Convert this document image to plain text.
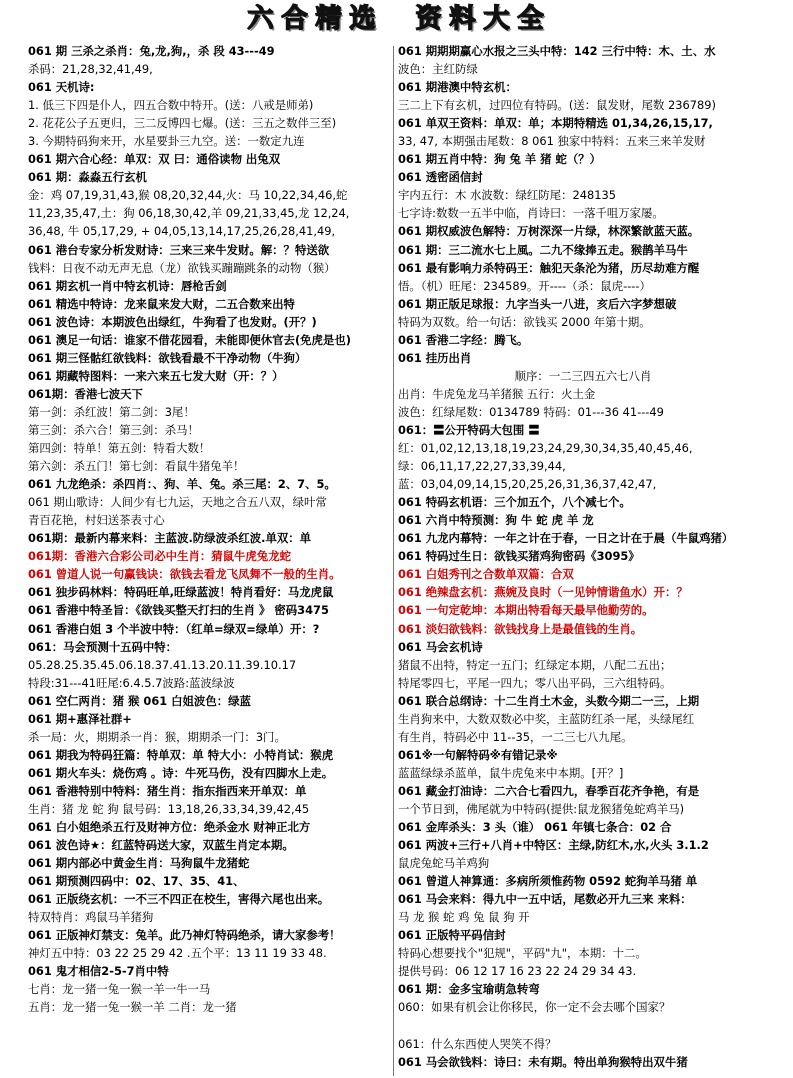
六 合 精 选 资 料 大 全
061 期 三杀之杀肖：兔,龙,狗,，杀 段 43---49
杀码：21,28,32,41,49,
061 天机诗:
1. 低三下四是仆人，四五合数中特开。(送：八戒是师弟)
2. 花花公子五更归，三二反博四七爆。(送：三五之数伴三至)
3. 今期特码狗来开，水星要卦三九空。送：一数定九连
061 期六合心经：单双：双 曰：通俗读物 出兔双
061 期：淼淼五行玄机
金：鸡 07,19,31,43,猴 08,20,32,44,火：马 10,22,34,46,蛇
11,23,35,47,土：狗 06,18,30,42,羊 09,21,33,45,龙 12,24,
36,48, 牛 05,17,29, + 04,05,13,14,17,25,26,28,41,49,
061 港台专家分析发财诗：三来三来牛发财。解：？特送欲
钱料：日夜不动无声无息（龙）欲钱买蹦蹦跳条的动物（猴）
061 期玄机一肖中特玄机诗：唇枪舌剑
061 精选中特诗：龙来鼠来发大财，二五合数来出特
061 波色诗：本期波色出绿红，牛狗看了也发财。(开？)
061 澳足一句话：谁家不借花园看，未能即便休官去(免虎是也)
061 期三怪骷红欲钱料：欲钱看最不干净动物（牛狗）
061 期藏特图料：一来六来五七发大财（开：？）
061期：香港七波天下
第一剑：杀红波！第二剑：3尾！
第三剑：杀六合！第三剑：杀马！
第四剑：特单！第五剑：特看大数！
第六剑：杀五门！第七剑：看鼠牛猪兔羊！
061 九龙绝杀：杀四肖：、狗、羊、兔。杀三尾：2、7、5。
061 期山歌诗：人间少有七九运，天地之合五八双，绿叶常
青百花艳，村妇送茶表寸心
061期：最新内幕来料：主蓝波.防绿波杀红波.单双：单
061期：香港六合彩公司必中生肖：猜鼠牛虎兔龙蛇
061 曾道人说一句赢钱诀：欲钱去看龙飞凤舞不一般的生肖。
061 独步码林料：特码旺单,旺绿蓝波！特肖看好：马龙虎鼠
061 香港中特圣旨：《欲钱买整天打扫的生肖 》 密码3475
061 香港白姐 3 个半波中特：（红单=绿双=绿单）开：?
061：马会预测十五码中特：
05.28.25.35.45.06.18.37.41.13.20.11.39.10.17
特段:31---41旺尾:6.4.5.7波路:蓝波绿波
061 空仁两肖：猪 猴 061 白姐波色：绿蓝
061 期+惠泽社群+
杀一局：火，期期杀一肖：猴，期期杀一门：3门。
061 期我为特码狂篇：特单双：单 特大小：小特肖试：猴虎
061 期火车头：烧伤鸡 。诗：牛死马伤，没有四脚水上走。
061 香港特别中特料：猪生肖：指东指西来开单双：单
生肖：猪 龙 蛇 狗 鼠号码：13,18,26,33,34,39,42,45
061 白小姐绝杀五行及财神方位：绝杀金水 财神正北方
061 波色诗★：红蓝特码送大家，双蓝生肖定本期。
061 期内部必中黄金生肖：马狗鼠牛龙猪蛇
061 期预测四码中：02、17、35、41、
061 正版绕玄机：一不三不四正在校生，害得六尾也出来。
特双特肖：鸡鼠马羊猪狗
061 正版神灯禁支：兔羊。此乃神灯特码绝杀，请大家参考！
神灯五中特：03 22 25 29 42 .五个平：13 11 19 33 48.
061 鬼才相信2-5-7肖中特
七肖：龙一猪一兔一猴一羊一牛一马
五肖：龙一猪一兔一猴一羊 二肖：龙一猪
061 期期期赢心水报之三头中特：142 三行中特：木、土、水
波色：主红防绿
061 期港澳中特玄机：
三二上下有玄机，过四位有特码。(送：鼠发财，尾数 236789)
061 单双王资料：单双：单；本期特精选 01,34,26,15,17,
33, 47, 本期强击尾数：8 061 独家中特料：五来三来羊发财
061 期五肖中特：狗 兔 羊 猪 蛇（？）
061 透密函信封
宇内五行：木 水波数：绿红防尾：248135
七字诗:数数一五半中临，肖诗曰：一落千咀万家屡。
061 期权威波色解特：万树深深一片绿，林深繁歆蓝天蓝。
061 期：三二流水七上風。二九不缘捧五走。猴鹊羊马牛
061 最有影响力杀特码王：触犯天条沦为猪，历尽劫难方醒
悟。（机）旺尾：234589。开----（杀：鼠虎----）
061 期正版足球报：九字当头一八进，亥后六字梦想破
特码为双数。给一句话：欲钱买 2000 年第十期。
061 香港二字经：腾飞。
061 挂历出肖
顺序：一二三四五六七八肖
出肖：牛虎兔龙马羊猪猴 五行：火土金
波色：红绿尾数：0134789 特码：01---36 41---49
061：〓公开特码大包围 〓
红：01,02,12,13,18,19,23,24,29,30,34,35,40,45,46,
绿：06,11,17,22,27,33,39,44,
蓝：03,04,09,14,15,20,25,26,31,36,37,42,47,
061 特码玄机语：三个加五个，八个减七个。
061 六肖中特预测：狗 牛 蛇 虎 羊 龙
061 九龙内幕特：一年之计在于春，一日之计在于晨（牛鼠鸡猪）
061 特码过生日：欲钱买猪鸡狗密码《3095》
061 白姐秀刊之合数单双篇：合双
061 绝辣盘玄机：燕婉及良时（一见钟情谐鱼水）开：？
061 一句定乾坤：本期出特看每天最早他勤劳的。
061 淡妇欲钱料：欲钱找身上是最值钱的生肖。
061 马会玄机诗
猪鼠不出特，特定一五门；红绿定本期，八配二五出；
特尾零四七，平尾一四九；零八出平码，三六组特码。
061 联合总纲诗：十二生肖土木金，头数今期二一三，上期
生肖狗来中，大数双数必中奖，主蓝防红杀一尾，头绿尾红
有生肖，特码必中 11--35，一二三七八九尾。
061※一句解特码※有错记录※
蓝蓝绿绿杀蓝单，鼠牛虎兔来中本期。[开？]
061 藏金打油诗：二六合七看四九，春季百花齐争艳，有是
一个节日到，佛尾就为中特码(提供:鼠龙猴猪兔蛇鸡羊马)
061 金库杀头：3 头（谁） 061 年镇七条合：02 合
061 两波+三行+八肖+中特区：主绿,防红木,水,火头 3.1.2
鼠虎兔蛇马羊鸡狗
061 曾道人神算通：多病所须惟药物 0592 蛇狗羊马猪 单
061 马会来料：得九中一五中话，尾数必开九三来 来料：
马 龙 猴 蛇 鸡 兔 鼠 狗 开
061 正版特平码信封
特码心想要找个"犯规"，平码"九"，本期：十二。
提供号码：06 12 17 16 23 22 24 29 34 43.
061 期：金多宝瑜萌急转弯
060：如果有机会让你移民，你一定不会去哪个国家？

061：什么东西使人哭笑不得？
061 马会欲钱料：诗曰：未有期。特出单狗猴特出双牛猪
